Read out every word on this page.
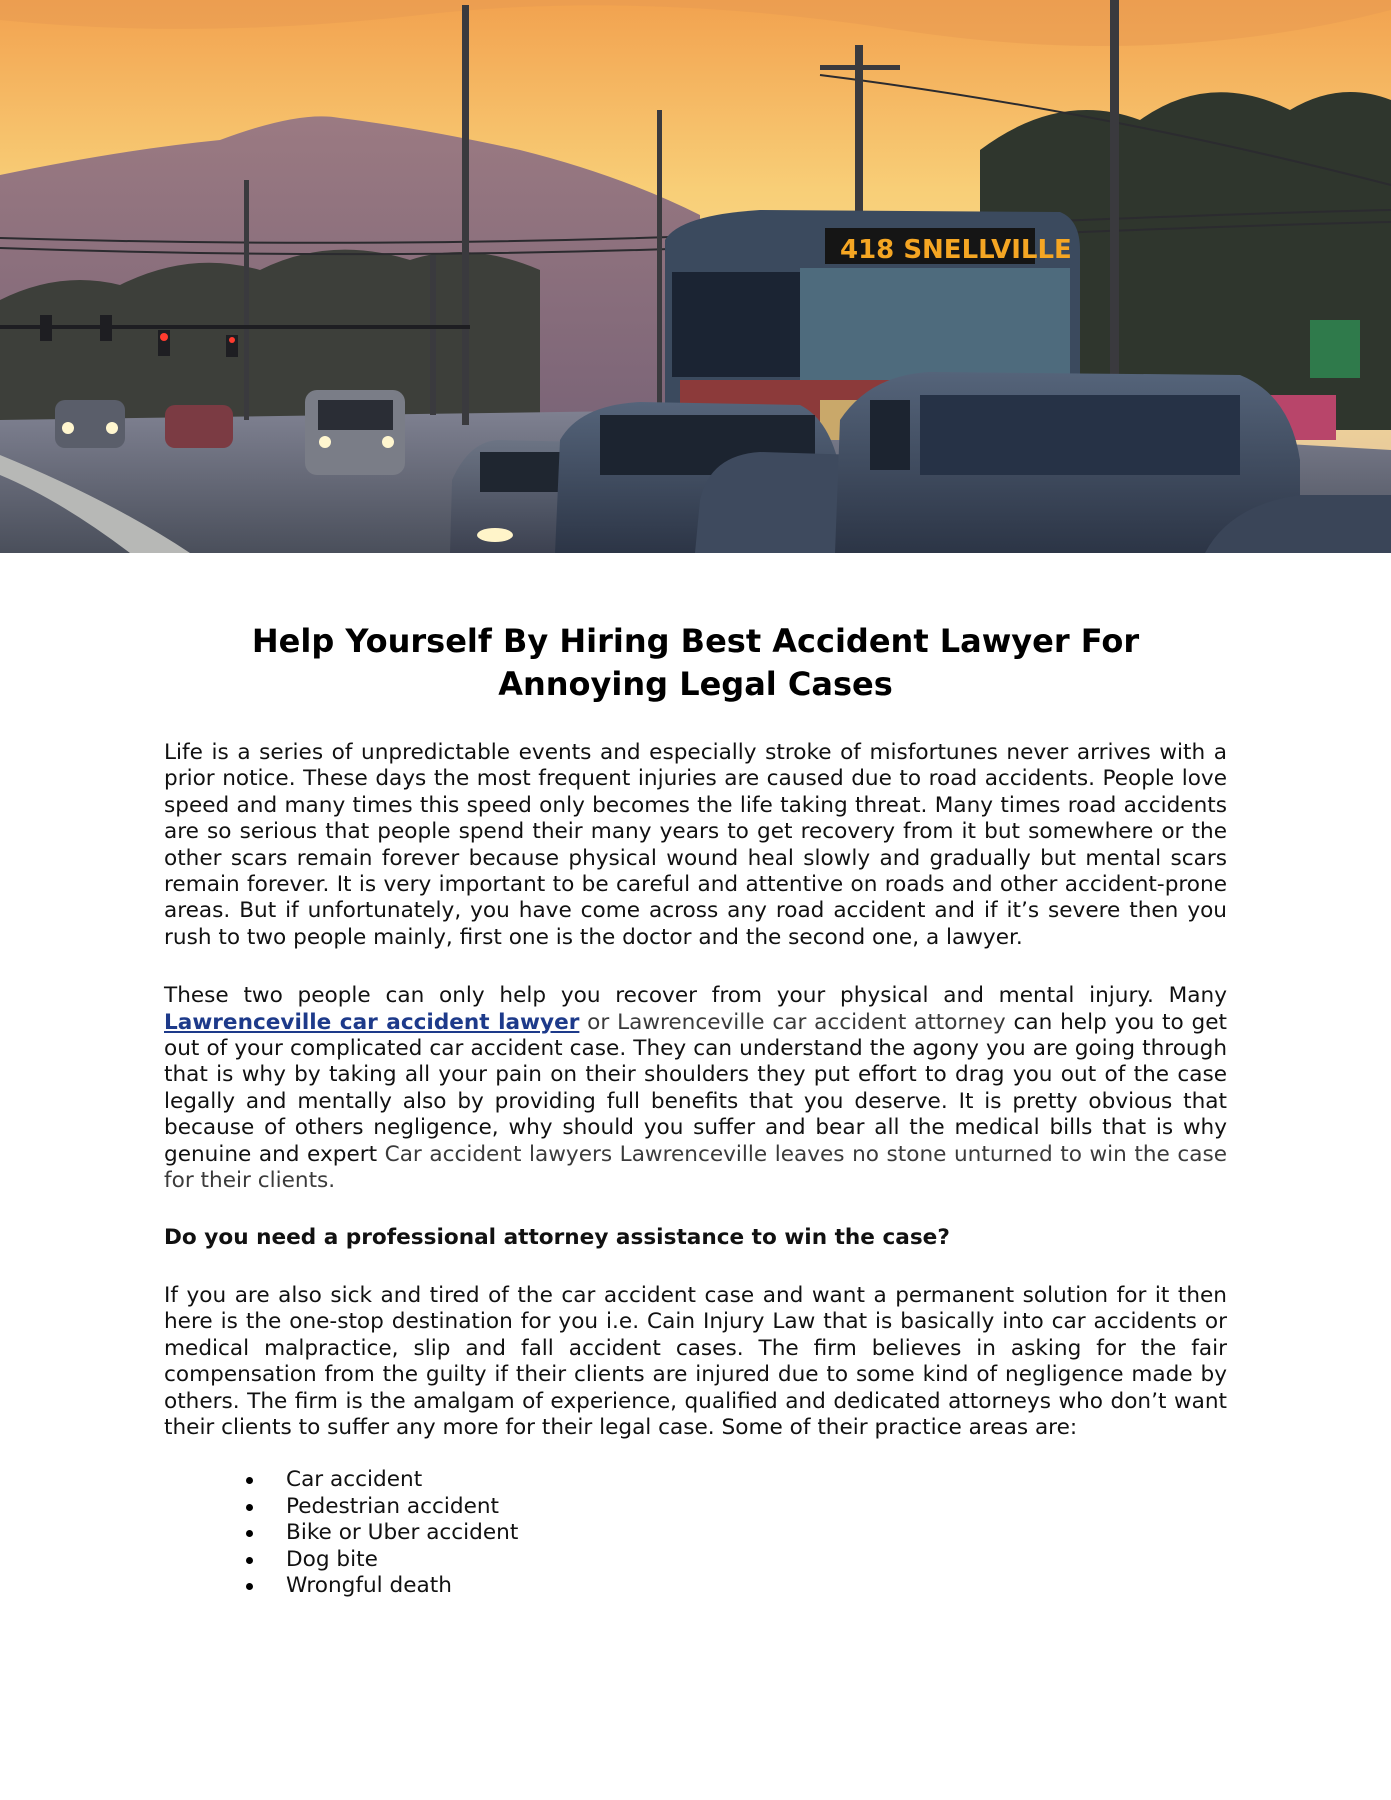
418 SNELLVILLE
Help Yourself By Hiring Best Accident Lawyer For
Annoying Legal Cases

Life is a series of unpredictable events and especially stroke of misfortunes never arrives with a prior notice. These days the most frequent injuries are caused due to road accidents. People love speed and many times this speed only becomes the life taking threat. Many times road accidents are so serious that people spend their many years to get recovery from it but somewhere or the other scars remain forever because physical wound heal slowly and gradually but mental scars remain forever. It is very important to be careful and attentive on roads and other accident-prone areas. But if unfortunately, you have come across any road accident and if it’s severe then you rush to two people mainly, first one is the doctor and the second one, a lawyer.

These two people can only help you recover from your physical and mental injury. Many Lawrenceville car accident lawyer or Lawrenceville car accident attorney can help you to get out of your complicated car accident case. They can understand the agony you are going through that is why by taking all your pain on their shoulders they put effort to drag you out of the case legally and mentally also by providing full benefits that you deserve. It is pretty obvious that because of others negligence, why should you suffer and bear all the medical bills that is why genuine and expert Car accident lawyers Lawrenceville leaves no stone unturned to win the case for their clients.

Do you need a professional attorney assistance to win the case?

If you are also sick and tired of the car accident case and want a permanent solution for it then here is the one-stop destination for you i.e. Cain Injury Law that is basically into car accidents or medical malpractice, slip and fall accident cases. The firm believes in asking for the fair compensation from the guilty if their clients are injured due to some kind of negligence made by others. The firm is the amalgam of experience, qualified and dedicated attorneys who don’t want their clients to suffer any more for their legal case. Some of their practice areas are:

Car accident
Pedestrian accident
Bike or Uber accident
Dog bite
Wrongful death
